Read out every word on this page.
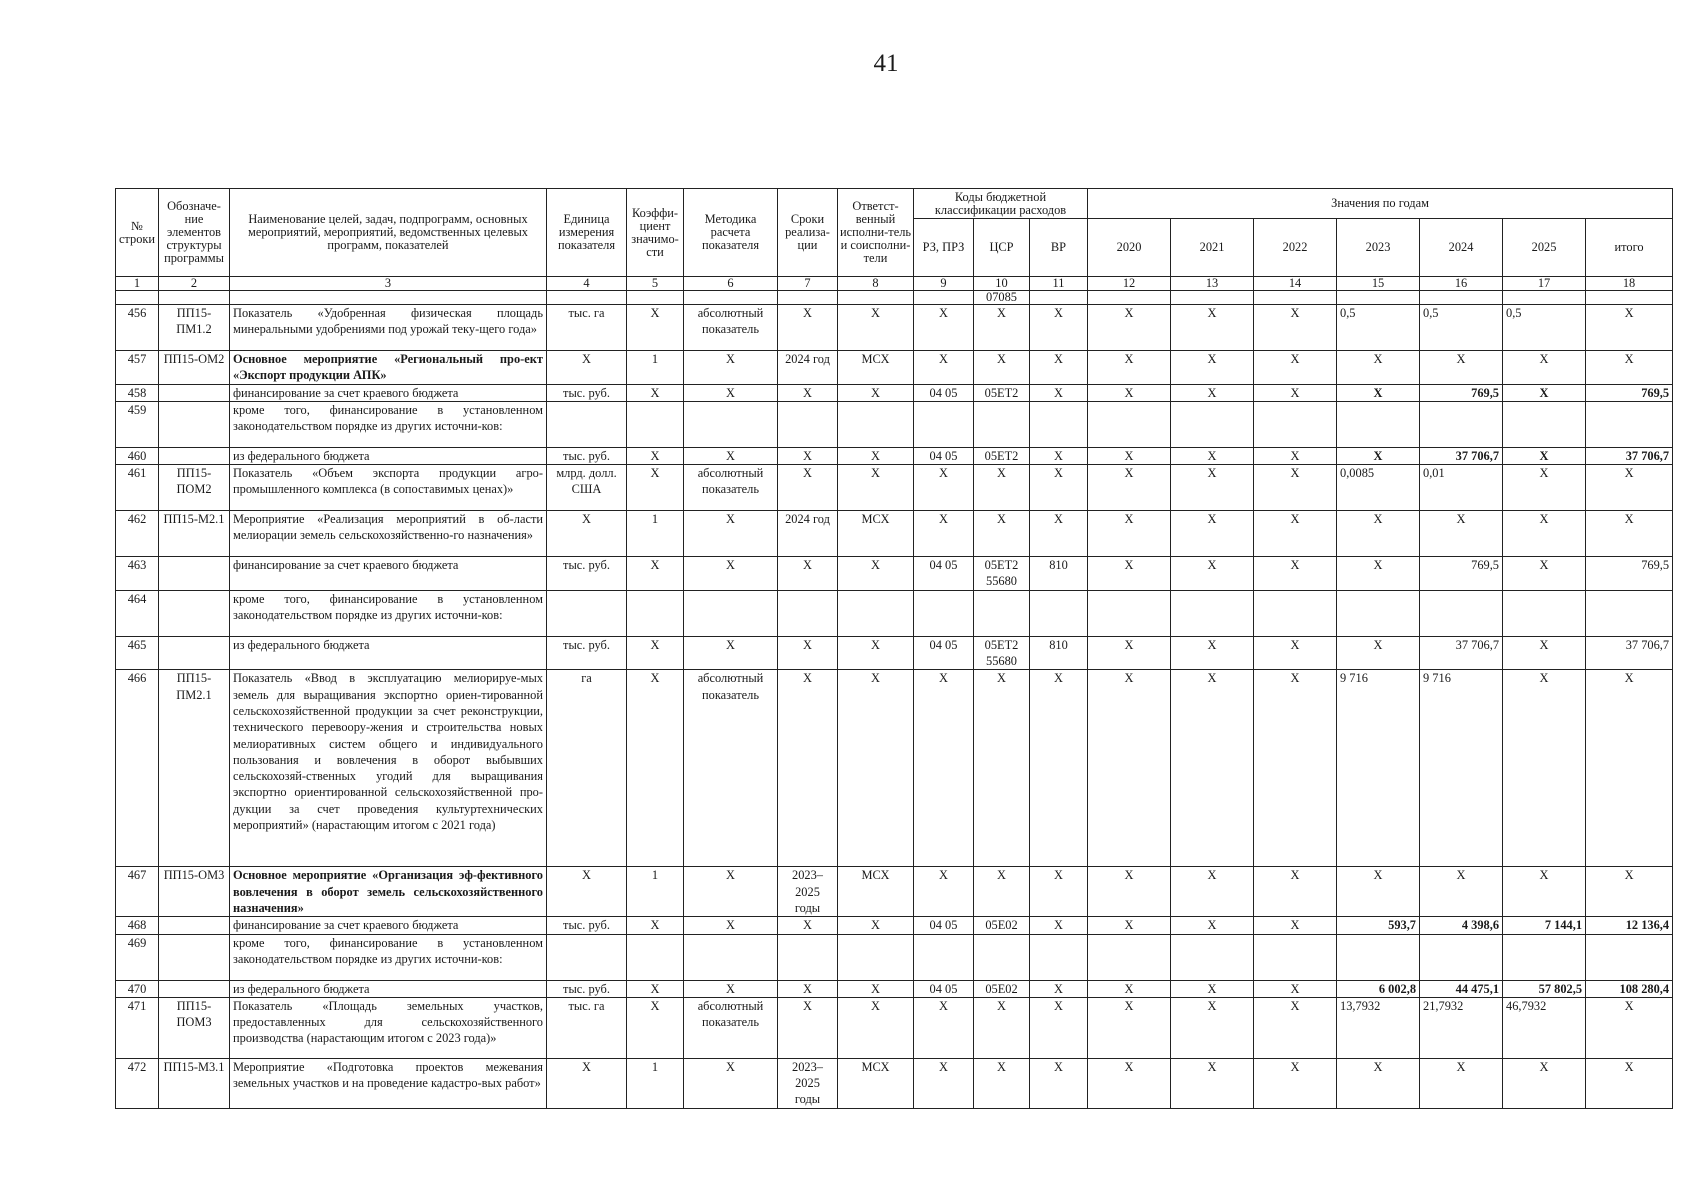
41
№ строки	Обозначе-ние элементов структуры программы	Наименование целей, задач, подпрограмм, основных мероприятий, мероприятий, ведомственных целевых программ, показателей	Единица измерения показателя	Коэффи-циент значимо-сти	Методика расчета показателя	Сроки реализа-ции	Ответст-венный исполни-тель и соисполни-тели	Коды бюджетной классификации расходов			Значения по годам						
								РЗ, ПРЗ	ЦСР	ВР	2020	2021	2022	2023	2024	2025	итого
1	2	3	4	5	6	7	8	9	10	11	12	13	14	15	16	17	18
									07085								
456	ПП15-ПМ1.2	Показатель «Удобренная физическая площадь минеральными удобрениями под урожай теку-щего года»	тыс. га	Х	абсолютный показатель	Х	Х	Х	Х	Х	Х	Х	Х	0,5	0,5	0,5	Х
457	ПП15-ОМ2	Основное мероприятие «Региональный про-ект «Экспорт продукции АПК»	Х	1	Х	2024 год	МСХ	Х	Х	Х	Х	Х	Х	Х	Х	Х	Х
458		финансирование за счет краевого бюджета	тыс. руб.	Х	Х	Х	Х	04 05	05ЕТ2	Х	Х	Х	Х	Х	769,5	Х	769,5
459		кроме того, финансирование в установленном законодательством порядке из других источни-ков:															
460		из федерального бюджета	тыс. руб.	Х	Х	Х	Х	04 05	05ЕТ2	Х	Х	Х	Х	Х	37 706,7	Х	37 706,7
461	ПП15-ПОМ2	Показатель «Объем экспорта продукции агро-промышленного комплекса (в сопоставимых ценах)»	млрд. долл. США	Х	абсолютный показатель	Х	Х	Х	Х	Х	Х	Х	Х	0,0085	0,01	Х	Х
462	ПП15-М2.1	Мероприятие «Реализация мероприятий в об-ласти мелиорации земель сельскохозяйственно-го назначения»	Х	1	Х	2024 год	МСХ	Х	Х	Х	Х	Х	Х	Х	Х	Х	Х
463		финансирование за счет краевого бюджета	тыс. руб.	Х	Х	Х	Х	04 05	05ЕТ2 55680	810	Х	Х	Х	Х	769,5	Х	769,5
464		кроме того, финансирование в установленном законодательством порядке из других источни-ков:															
465		из федерального бюджета	тыс. руб.	Х	Х	Х	Х	04 05	05ЕТ2 55680	810	Х	Х	Х	Х	37 706,7	Х	37 706,7
466	ПП15-ПМ2.1	Показатель «Ввод в эксплуатацию мелиорируе-мых земель для выращивания экспортно ориен-тированной сельскохозяйственной продукции за счет реконструкции, технического перевоору-жения и строительства новых мелиоративных систем общего и индивидуального пользования и вовлечения в оборот выбывших сельскохозяй-ственных угодий для выращивания экспортно ориентированной сельскохозяйственной про-дукции за счет проведения культуртехнических мероприятий» (нарастающим итогом с 2021 года)	га	Х	абсолютный показатель	Х	Х	Х	Х	Х	Х	Х	Х	9 716	9 716	Х	Х
467	ПП15-ОМ3	Основное мероприятие «Организация эф-фективного вовлечения в оборот земель сельскохозяйственного назначения»	Х	1	Х	2023–2025 годы	МСХ	Х	Х	Х	Х	Х	Х	Х	Х	Х	Х
468		финансирование за счет краевого бюджета	тыс. руб.	Х	Х	Х	Х	04 05	05Е02	Х	Х	Х	Х	593,7	4 398,6	7 144,1	12 136,4
469		кроме того, финансирование в установленном законодательством порядке из других источни-ков:															
470		из федерального бюджета	тыс. руб.	Х	Х	Х	Х	04 05	05Е02	Х	Х	Х	Х	6 002,8	44 475,1	57 802,5	108 280,4
471	ПП15-ПОМ3	Показатель «Площадь земельных участков, предоставленных для сельскохозяйственного производства (нарастающим итогом с 2023 года)»	тыс. га	Х	абсолютный показатель	Х	Х	Х	Х	Х	Х	Х	Х	13,7932	21,7932	46,7932	Х
472	ПП15-М3.1	Мероприятие «Подготовка проектов межевания земельных участков и на проведение кадастро-вых работ»	Х	1	Х	2023–2025 годы	МСХ	Х	Х	Х	Х	Х	Х	Х	Х	Х	Х
